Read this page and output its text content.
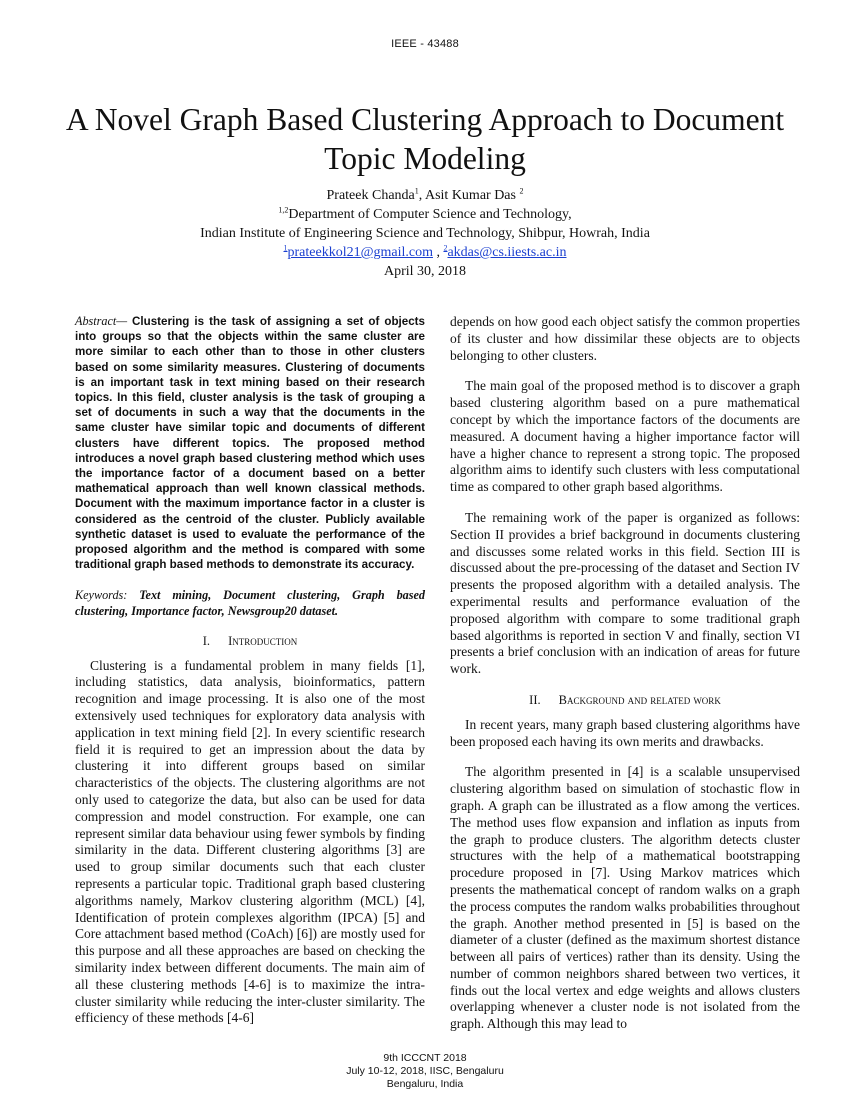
IEEE - 43488
A Novel Graph Based Clustering Approach to Document Topic Modeling
Prateek Chanda$^1$, Asit Kumar Das $^2$
$^{1,2}$Department of Computer Science and Technology,
Indian Institute of Engineering Science and Technology, Shibpur, Howrah, India
$^1$prateekkol21@gmail.com , $^2$akdas@cs.iiests.ac.in
April 30, 2018
Abstract— Clustering is the task of assigning a set of objects into groups so that the objects within the same cluster are more similar to each other than to those in other clusters based on some similarity measures. Clustering of documents is an important task in text mining based on their research topics. In this field, cluster analysis is the task of grouping a set of documents in such a way that the documents in the same cluster have similar topic and documents of different clusters have different topics. The proposed method introduces a novel graph based clustering method which uses the importance factor of a document based on a better mathematical approach than well known classical methods. Document with the maximum importance factor in a cluster is considered as the centroid of the cluster. Publicly available synthetic dataset is used to evaluate the performance of the proposed algorithm and the method is compared with some traditional graph based methods to demonstrate its accuracy.
Keywords: Text mining, Document clustering, Graph based clustering, Importance factor, Newsgroup20 dataset.
I. Introduction

Clustering is a fundamental problem in many fields [1], including statistics, data analysis, bioinformatics, pattern recognition and image processing. It is also one of the most extensively used techniques for exploratory data analysis with application in text mining field [2]. In every scientific research field it is required to get an impression about the data by clustering it into different groups based on similar characteristics of the objects. The clustering algorithms are not only used to categorize the data, but also can be used for data compression and model construction. For example, one can represent similar data behaviour using fewer symbols by finding similarity in the data. Different clustering algorithms [3] are used to group similar documents such that each cluster represents a particular topic. Traditional graph based clustering algorithms namely, Markov clustering algorithm (MCL) [4], Identification of protein complexes algorithm (IPCA) [5] and Core attachment based method (CoAch) [6]) are mostly used for this purpose and all these approaches are based on checking the similarity index between different documents. The main aim of all these clustering methods [4-6] is to maximize the intra-cluster similarity while reducing the inter-cluster similarity. The efficiency of these methods [4-6]

depends on how good each object satisfy the common properties of its cluster and how dissimilar these objects are to objects belonging to other clusters.

The main goal of the proposed method is to discover a graph based clustering algorithm based on a pure mathematical concept by which the importance factors of the documents are measured. A document having a higher importance factor will have a higher chance to represent a strong topic. The proposed algorithm aims to identify such clusters with less computational time as compared to other graph based algorithms.

The remaining work of the paper is organized as follows: Section II provides a brief background in documents clustering and discusses some related works in this field. Section III is discussed about the pre-processing of the dataset and Section IV presents the proposed algorithm with a detailed analysis. The experimental results and performance evaluation of the proposed algorithm with compare to some traditional graph based algorithms is reported in section V and finally, section VI presents a brief conclusion with an indication of areas for future work.

II. Background and related work

In recent years, many graph based clustering algorithms have been proposed each having its own merits and drawbacks.

The algorithm presented in [4] is a scalable unsupervised clustering algorithm based on simulation of stochastic flow in graph. A graph can be illustrated as a flow among the vertices. The method uses flow expansion and inflation as inputs from the graph to produce clusters. The algorithm detects cluster structures with the help of a mathematical bootstrapping procedure proposed in [7]. Using Markov matrices which presents the mathematical concept of random walks on a graph the process computes the random walks probabilities throughout the graph. Another method presented in [5] is based on the diameter of a cluster (defined as the maximum shortest distance between all pairs of vertices) rather than its density. Using the number of common neighbors shared between two vertices, it finds out the local vertex and edge weights and allows clusters overlapping whenever a cluster node is not isolated from the graph. Although this may lead to

9th ICCCNT 2018
July 10-12, 2018, IISC, Bengaluru
Bengaluru, India
